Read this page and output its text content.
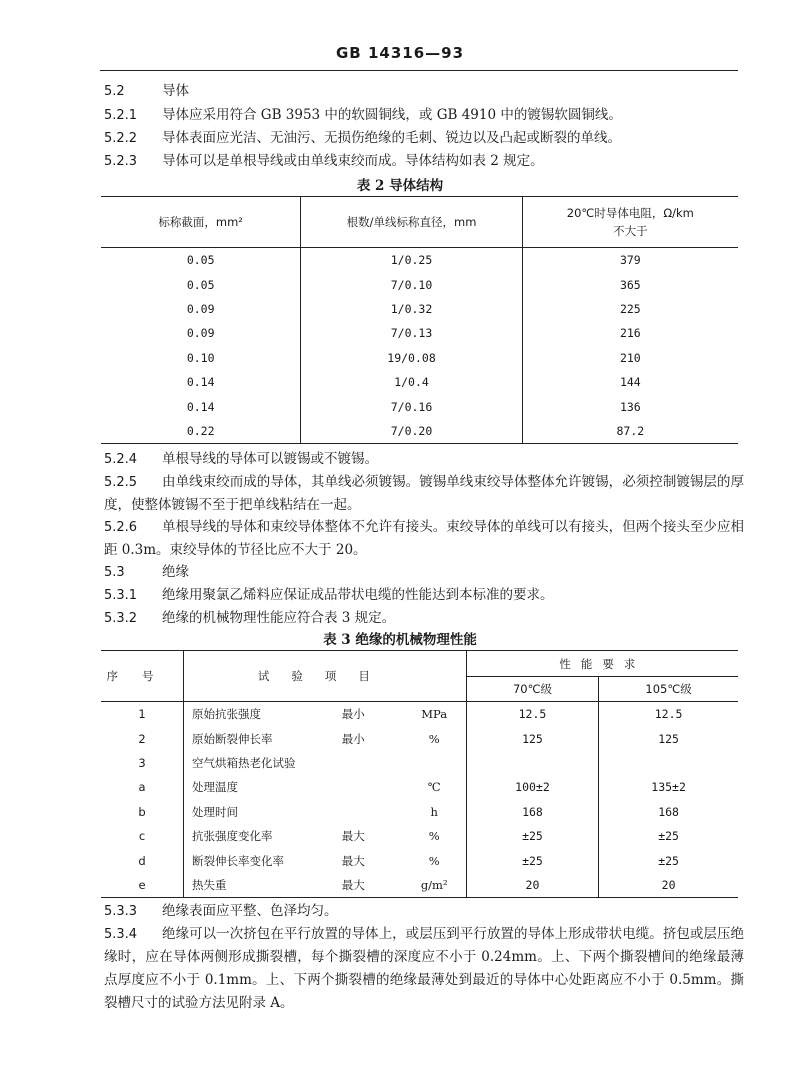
GB 14316—93
5.2	导体
5.2.1 导体应采用符合 GB 3953 中的软圆铜线，或 GB 4910 中的镀锡软圆铜线。
5.2.2 导体表面应光洁、无油污、无损伤绝缘的毛刺、锐边以及凸起或断裂的单线。
5.2.3 导体可以是单根导线或由单线束绞而成。导体结构如表 2 规定。
表 2 导体结构
标称截面，mm²	根数/单线标称直径，mm	20℃时导体电阻，Ω/km
不大于

0.05	1/0.25	379
0.05	7/0.10	365
0.09	1/0.32	225
0.09	7/0.13	216
0.10	19/0.08	210
0.14	1/0.4	144
0.14	7/0.16	136
0.22	7/0.20	87.2
5.2.4 单根导线的导体可以镀锡或不镀锡。
5.2.5 由单线束绞而成的导体，其单线必须镀锡。镀锡单线束绞导体整体允许镀锡，必须控制镀锡层的厚度，使整体镀锡不至于把单线粘结在一起。
5.2.6 单根导线的导体和束绞导体整体不允许有接头。束绞导体的单线可以有接头，但两个接头至少应相距 0.3m。束绞导体的节径比应不大于 20。
5.3	绝缘
5.3.1 绝缘用聚氯乙烯料应保证成品带状电缆的性能达到本标准的要求。
5.3.2 绝缘的机械物理性能应符合表 3 规定。
表 3 绝缘的机械物理性能
序号	试验项目			性能要求	
				70℃级	105℃级
1	原始抗张强度	最小	MPa	12.5	12.5
2	原始断裂伸长率	最小	%	125	125
3	空气烘箱热老化试验				
a	处理温度		℃	100±2	135±2
b	处理时间		h	168	168
c	抗张强度变化率	最大	%	±25	±25
d	断裂伸长率变化率	最大	%	±25	±25
e	热失重	最大	g/m²	20	20
5.3.3 绝缘表面应平整、色泽均匀。
5.3.4 绝缘可以一次挤包在平行放置的导体上，或层压到平行放置的导体上形成带状电缆。挤包或层压绝缘时，应在导体两侧形成撕裂槽，每个撕裂槽的深度应不小于 0.24mm。上、下两个撕裂槽间的绝缘最薄点厚度应不小于 0.1mm。上、下两个撕裂槽的绝缘最薄处到最近的导体中心处距离应不小于 0.5mm。撕裂槽尺寸的试验方法见附录 A。
